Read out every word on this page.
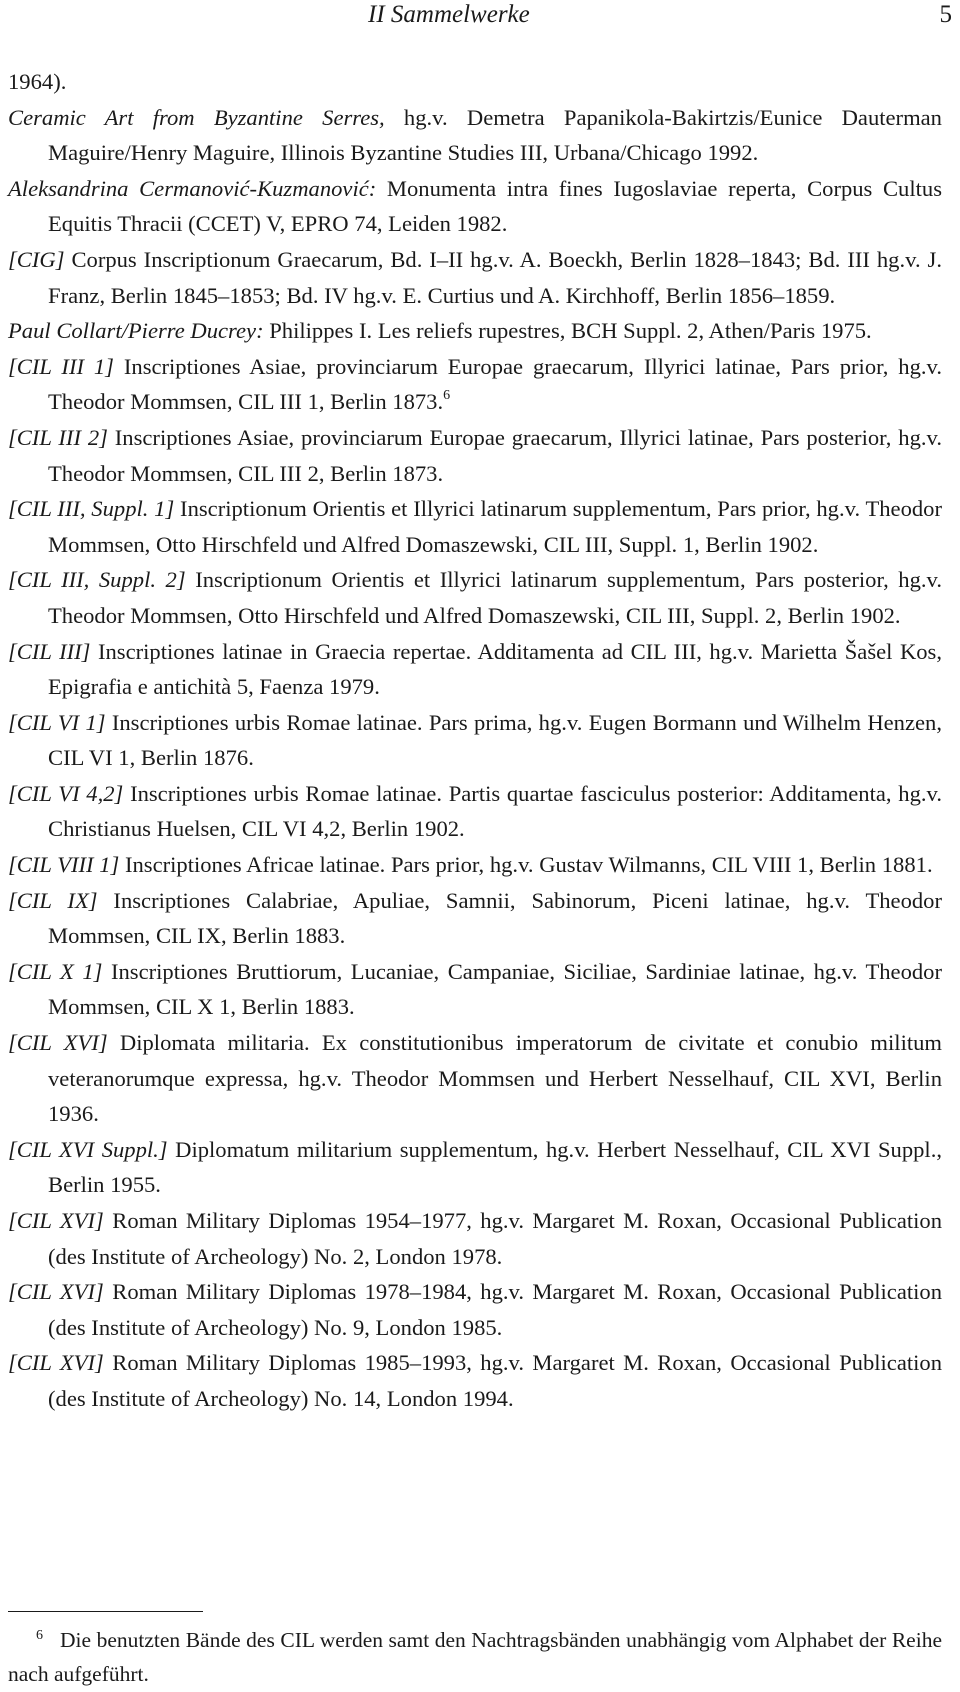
II Sammelwerke	5

1964).

Ceramic Art from Byzantine Serres, hg.v. Demetra Papanikola-Bakirtzis/Eunice Dauterman Maguire/Henry Maguire, Illinois Byzantine Studies III, Urbana/Chicago 1992.

Aleksandrina Cermanović-Kuzmanović: Monumenta intra fines Iugoslaviae reperta, Corpus Cultus Equitis Thracii (CCET) V, EPRO 74, Leiden 1982.

[CIG] Corpus Inscriptionum Graecarum, Bd. I–II hg.v. A. Boeckh, Berlin 1828–1843; Bd. III hg.v. J. Franz, Berlin 1845–1853; Bd. IV hg.v. E. Curtius und A. Kirchhoff, Berlin 1856–1859.

Paul Collart/Pierre Ducrey: Philippes I. Les reliefs rupestres, BCH Suppl. 2, Athen/Paris 1975.

[CIL III 1] Inscriptiones Asiae, provinciarum Europae graecarum, Illyrici latinae, Pars prior, hg.v. Theodor Mommsen, CIL III 1, Berlin 1873.$^6$

[CIL III 2] Inscriptiones Asiae, provinciarum Europae graecarum, Illyrici latinae, Pars posterior, hg.v. Theodor Mommsen, CIL III 2, Berlin 1873.

[CIL III, Suppl. 1] Inscriptionum Orientis et Illyrici latinarum supplementum, Pars prior, hg.v. Theodor Mommsen, Otto Hirschfeld und Alfred Domaszewski, CIL III, Suppl. 1, Berlin 1902.

[CIL III, Suppl. 2] Inscriptionum Orientis et Illyrici latinarum supplementum, Pars posterior, hg.v. Theodor Mommsen, Otto Hirschfeld und Alfred Domaszewski, CIL III, Suppl. 2, Berlin 1902.

[CIL III] Inscriptiones latinae in Graecia repertae. Additamenta ad CIL III, hg.v. Marietta Šašel Kos, Epigrafia e antichità 5, Faenza 1979.

[CIL VI 1] Inscriptiones urbis Romae latinae. Pars prima, hg.v. Eugen Bormann und Wilhelm Henzen, CIL VI 1, Berlin 1876.

[CIL VI 4,2] Inscriptiones urbis Romae latinae. Partis quartae fasciculus posterior: Additamenta, hg.v. Christianus Huelsen, CIL VI 4,2, Berlin 1902.

[CIL VIII 1] Inscriptiones Africae latinae. Pars prior, hg.v. Gustav Wilmanns, CIL VIII 1, Berlin 1881.

[CIL IX] Inscriptiones Calabriae, Apuliae, Samnii, Sabinorum, Piceni latinae, hg.v. Theodor Mommsen, CIL IX, Berlin 1883.

[CIL X 1] Inscriptiones Bruttiorum, Lucaniae, Campaniae, Siciliae, Sardiniae latinae, hg.v. Theodor Mommsen, CIL X 1, Berlin 1883.

[CIL XVI] Diplomata militaria. Ex constitutionibus imperatorum de civitate et conubio militum veteranorumque expressa, hg.v. Theodor Mommsen und Herbert Nesselhauf, CIL XVI, Berlin 1936.

[CIL XVI Suppl.] Diplomatum militarium supplementum, hg.v. Herbert Nesselhauf, CIL XVI Suppl., Berlin 1955.

[CIL XVI] Roman Military Diplomas 1954–1977, hg.v. Margaret M. Roxan, Occasional Publication (des Institute of Archeology) No. 2, London 1978.

[CIL XVI] Roman Military Diplomas 1978–1984, hg.v. Margaret M. Roxan, Occasional Publication (des Institute of Archeology) No. 9, London 1985.

[CIL XVI] Roman Military Diplomas 1985–1993, hg.v. Margaret M. Roxan, Occasional Publication (des Institute of Archeology) No. 14, London 1994.

6 Die benutzten Bände des CIL werden samt den Nachtragsbänden unabhängig vom Alphabet der Reihe nach aufgeführt.
